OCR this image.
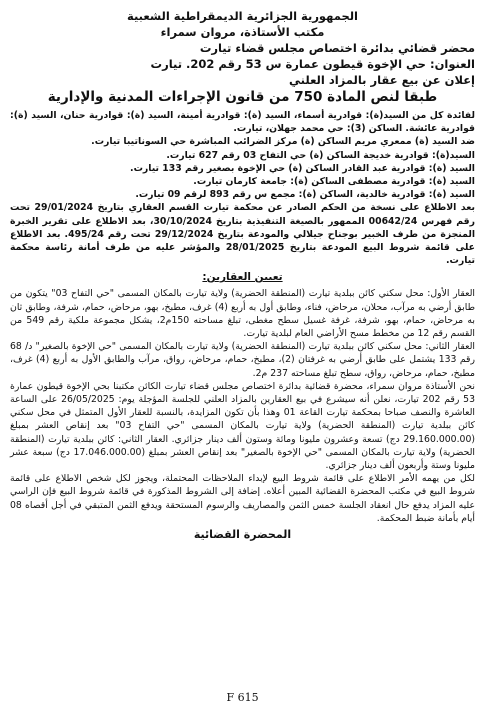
الجمهورية الجزائرية الديمقراطية الشعبية
مكتب الأستاذة، مروان سمراء
محضر قضائي بدائرة اختصاص مجلس قضاء تيارت
العنوان: حي الإخوة قيطون عمارة س 53 رقم 202. تيارت
إعلان عن بيع عقار بالمزاد العلني
طبقا لنص المادة 750 من قانون الإجراءات المدنية والإدارية

لفائدة كل من السيد(ة): قوادرية أسماء، السيد (ة): قوادرية أمينة، السيد (ة): قوادرية حنان، السيد (ة): قوادرية عائشة. الساكن (3): حي محمد جهلان، تيارت.

ضد السيد (ة) ممعري مريم الساكن (ة) مركز الضرائب المباشرة حي السوناتيبا تيارت.

السيد(ة): قوادرية خديجة الساكن (ة) حي التفاح 03 رقم 627 تيارت.

السيد (ة): قوادرية عبد القادر الساكن (ة) حي الإخوة بصغير رقم 133 تيارت.

السيد (ة): قوادرية مصطفى الساكن (ة): جامعة كارمان تيارت.

السيد (ة): قوادرية خالدية، الساكن (ة): مجمع س رقم 893 لرقم 09 تيارت.

بعد الاطلاع على نسخة من الحكم الصادر عن محكمة تيارت القسم العقاري بتاريخ 29/01/2024 تحت رقم فهرس 00642/24 الممهور بالصيغة التنفيذية بتاريخ 30/10/2024، بعد الاطلاع على تقرير الخبرة المنجزة من طرف الخبير بوجناح جيلالي والمودعة بتاريخ 29/12/2024 تحت رقم 495/24. بعد الاطلاع على قائمة شروط البيع المودعة بتاريخ 28/01/2025 والمؤشر عليه من طرف أمانة رئاسة محكمة تيارت.

تعيين العقارين:

العقار الأول: محل سكني كائن ببلدية تيارت (المنطقة الحضرية) ولاية تيارت بالمكان المسمى "حي التفاح 03" يتكون من طابق أرضي به مرآب، محلان، مرحاض، فناء، وطابق أول به أربع (4) غرف، مطبخ، بهو، مرحاض، حمام، شرفة، وطابق ثان به مرحاض، حمام، بهو، شرفة، غرفة غسيل سطح مغطى، تبلغ مساحته 150م2، يشكل مجموعة ملكية رقم 549 من القسم رقم 12 من مخطط مسح الأراضي العام لبلدية تيارت.

العقار الثاني: محل سكني كائن ببلدية تيارت (المنطقة الحضرية) ولاية تيارت بالمكان المسمى "حي الإخوة بالصغير" د/ 68 رقم 133 يشتمل على طابق أرضي به غرفتان (2)، مطبخ، حمام، مرحاض، رواق، مرآب والطابق الأول به أربع (4) غرف، مطبخ، حمام، مرحاض، رواق، سطح تبلغ مساحته 237 م2.

نحن الأستاذة مروان سمراء، محضرة قضائية بدائرة اختصاص مجلس قضاء تيارت الكائن مكتبنا بحي الإخوة قيطون عمارة 53 رقم 202 تيارت، نعلن أنه سيشرع في بيع العقارين بالمزاد العلني للجلسة المؤجلة يوم: 26/05/2025 على الساعة العاشرة والنصف صباحا بمحكمة تيارت القاعة 01 وهذا بأن تكون المزايدة، بالنسبة للعقار الأول المتمثل في محل سكني كائن ببلدية تيارت (المنطقة الحضرية) ولاية تيارت بالمكان المسمى "حي التفاح 03" بعد إنقاص العشر بمبلغ (29.160.000.00 دج) تسعة وعشرون مليونا ومائة وستون ألف دينار جزائري. العقار الثاني: كائن ببلدية تيارت (المنطقة الحضرية) ولاية تيارت بالمكان المسمى "حي الإخوة بالصغير" بعد إنقاص العشر بمبلغ (17.046.000.00 دج) سبعة عشر مليونا وستة وأربعون ألف دينار جزائري.

لكل من يهمه الأمر الاطلاع على قائمة شروط البيع لإبداء الملاحظات المحتملة، ويجوز لكل شخص الاطلاع على قائمة شروط البيع في مكتب المحضرة القضائية المبين أعلاه. إضافة إلى الشروط المذكورة في قائمة شروط البيع فإن الراسي عليه المزاد يدفع حال انعقاد الجلسة خمس الثمن والمصاريف والرسوم المستحقة ويدفع الثمن المتبقي في أجل أقصاه 08 أيام بأمانة ضبط المحكمة.

المحضرة القضائية
F 615
